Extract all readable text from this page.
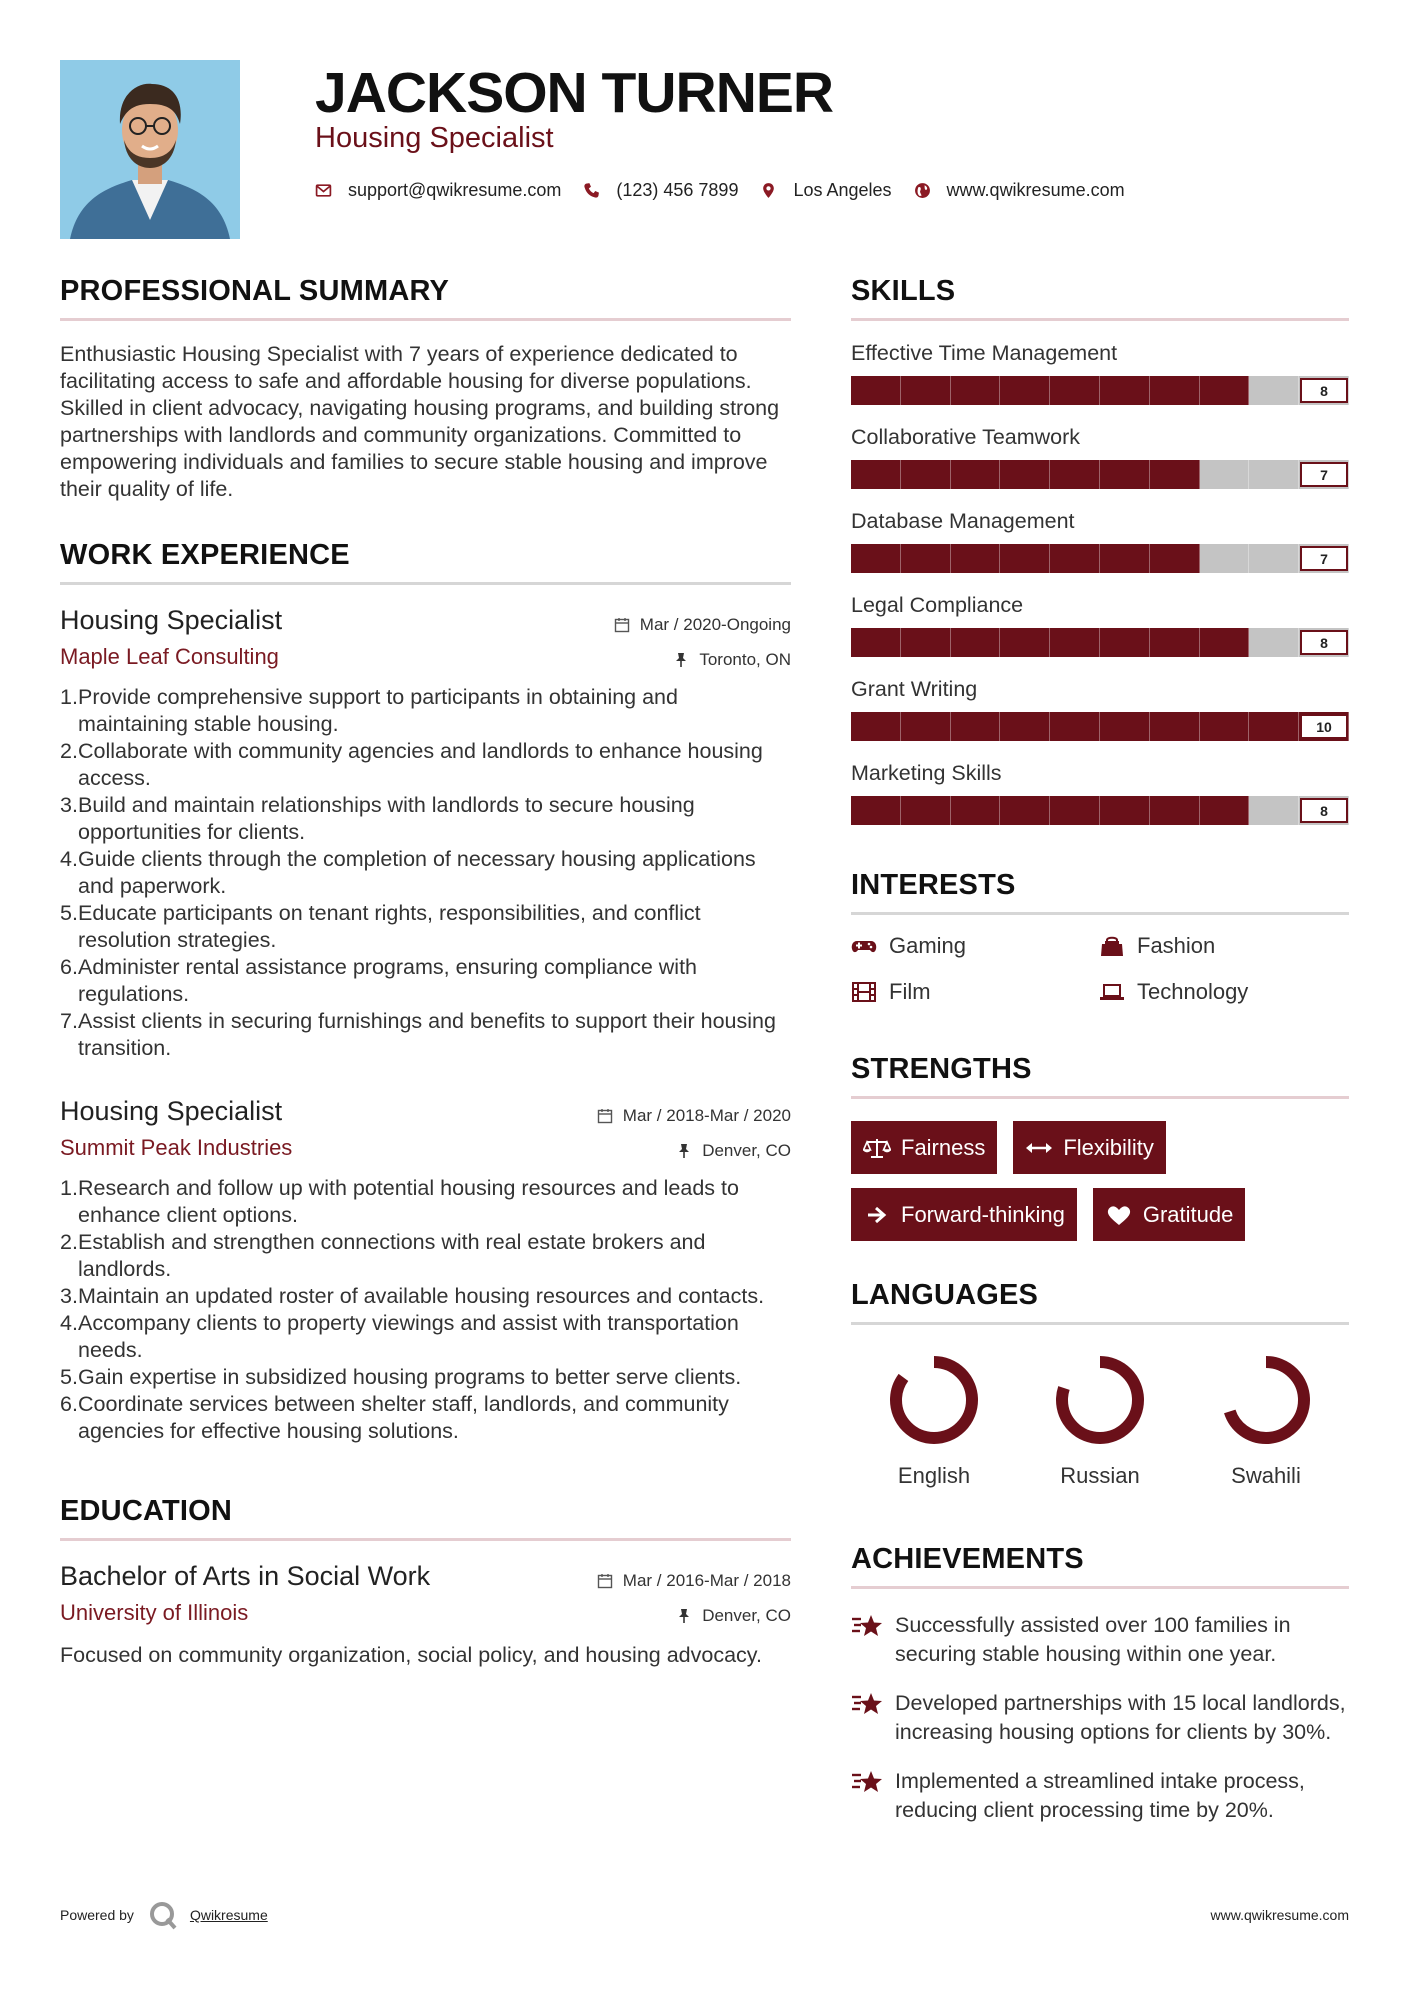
JACKSON TURNER
Housing Specialist
support@qwikresume.com	(123) 456 7899	Los Angeles	www.qwikresume.com
PROFESSIONAL SUMMARY
Enthusiastic Housing Specialist with 7 years of experience dedicated to facilitating access to safe and affordable housing for diverse populations. Skilled in client advocacy, navigating housing programs, and building strong partnerships with landlords and community organizations. Committed to empowering individuals and families to secure stable housing and improve their quality of life.
WORK EXPERIENCE
Housing Specialist
Maple Leaf Consulting
Mar / 2020-Ongoing
Toronto, ON
1. Provide comprehensive support to participants in obtaining and maintaining stable housing.
2. Collaborate with community agencies and landlords to enhance housing access.
3. Build and maintain relationships with landlords to secure housing opportunities for clients.
4. Guide clients through the completion of necessary housing applications and paperwork.
5. Educate participants on tenant rights, responsibilities, and conflict resolution strategies.
6. Administer rental assistance programs, ensuring compliance with regulations.
7. Assist clients in securing furnishings and benefits to support their housing transition.
Housing Specialist
Summit Peak Industries
Mar / 2018-Mar / 2020
Denver, CO
1. Research and follow up with potential housing resources and leads to enhance client options.
2. Establish and strengthen connections with real estate brokers and landlords.
3. Maintain an updated roster of available housing resources and contacts.
4. Accompany clients to property viewings and assist with transportation needs.
5. Gain expertise in subsidized housing programs to better serve clients.
6. Coordinate services between shelter staff, landlords, and community agencies for effective housing solutions.
EDUCATION
Bachelor of Arts in Social Work
University of Illinois
Mar / 2016-Mar / 2018
Denver, CO
Focused on community organization, social policy, and housing advocacy.
SKILLS
Effective Time Management
8
Collaborative Teamwork
7
Database Management
7
Legal Compliance
8
Grant Writing
10
Marketing Skills
8
INTERESTS
Gaming	Fashion
Film	Technology
STRENGTHS
Fairness	Flexibility
Forward-thinking	Gratitude
LANGUAGES
English	Russian	Swahili
ACHIEVEMENTS
Successfully assisted over 100 families in securing stable housing within one year.
Developed partnerships with 15 local landlords, increasing housing options for clients by 30%.
Implemented a streamlined intake process, reducing client processing time by 20%.
Powered by	Qwikresume	www.qwikresume.com
